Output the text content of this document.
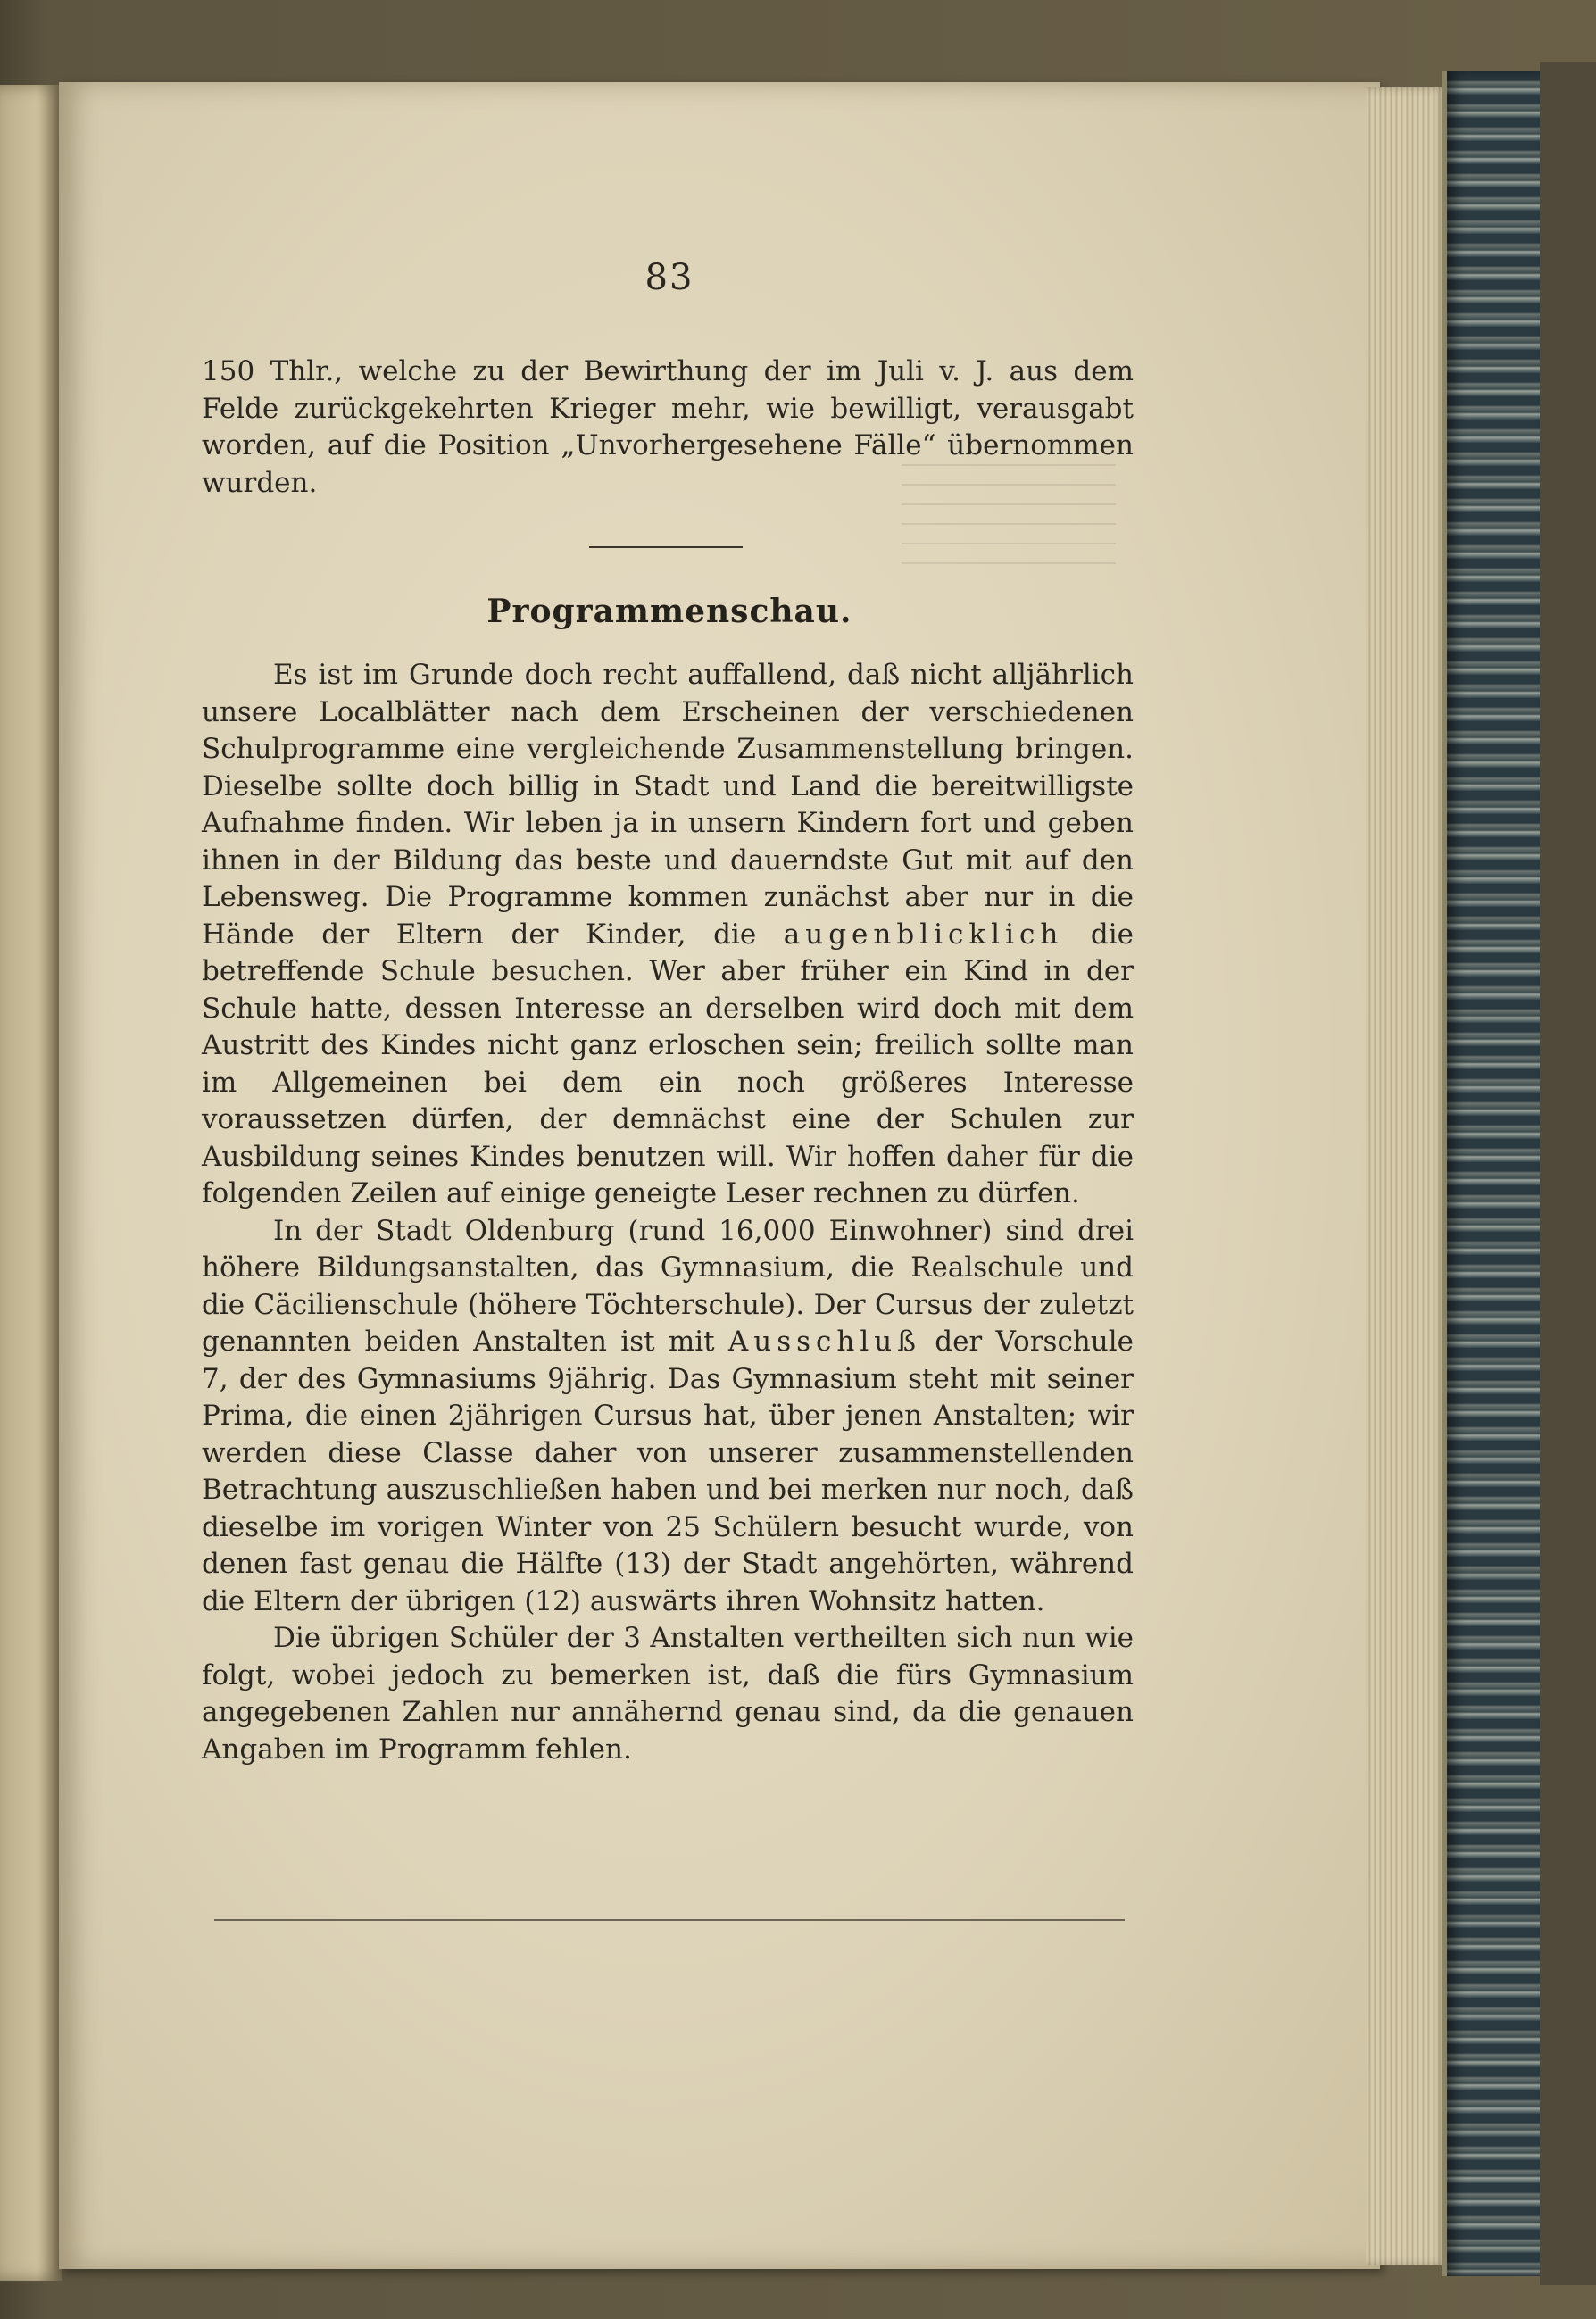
83

150 Thlr., welche zu der Bewirthung der im Juli v. J. aus dem Felde zurückgekehrten Krieger mehr, wie bewilligt, verausgabt worden, auf die Position „Unvorhergesehene Fälle“ übernommen wurden.

Programmenschau.

Es ist im Grunde doch recht auffallend, daß nicht alljährlich unsere Localblätter nach dem Erscheinen der verschiedenen Schulprogramme eine vergleichende Zusammenstellung bringen. Dieselbe sollte doch billig in Stadt und Land die bereitwilligste Aufnahme finden. Wir leben ja in unsern Kindern fort und geben ihnen in der Bildung das beste und dauerndste Gut mit auf den Lebensweg. Die Programme kommen zunächst aber nur in die Hände der Eltern der Kinder, die augenblicklich die betreffende Schule besuchen. Wer aber früher ein Kind in der Schule hatte, dessen Interesse an derselben wird doch mit dem Austritt des Kindes nicht ganz erloschen sein; freilich sollte man im Allgemeinen bei dem ein noch größeres Interesse voraussetzen dürfen, der demnächst eine der Schulen zur Ausbildung seines Kindes benutzen will. Wir hoffen daher für die folgenden Zeilen auf einige geneigte Leser rechnen zu dürfen.

In der Stadt Oldenburg (rund 16,000 Einwohner) sind drei höhere Bildungsanstalten, das Gymnasium, die Realschule und die Cäcilienschule (höhere Töchterschule). Der Cursus der zuletzt genannten beiden Anstalten ist mit Ausschluß der Vorschule 7, der des Gymnasiums 9jährig. Das Gymnasium steht mit seiner Prima, die einen 2jährigen Cursus hat, über jenen Anstalten; wir werden diese Classe daher von unserer zusammenstellenden Betrachtung auszuschließen haben und bei merken nur noch, daß dieselbe im vorigen Winter von 25 Schülern besucht wurde, von denen fast genau die Hälfte (13) der Stadt angehörten, während die Eltern der übrigen (12) auswärts ihren Wohnsitz hatten.

Die übrigen Schüler der 3 Anstalten vertheilten sich nun wie folgt, wobei jedoch zu bemerken ist, daß die fürs Gymnasium angegebenen Zahlen nur annähernd genau sind, da die genauen Angaben im Programm fehlen.
